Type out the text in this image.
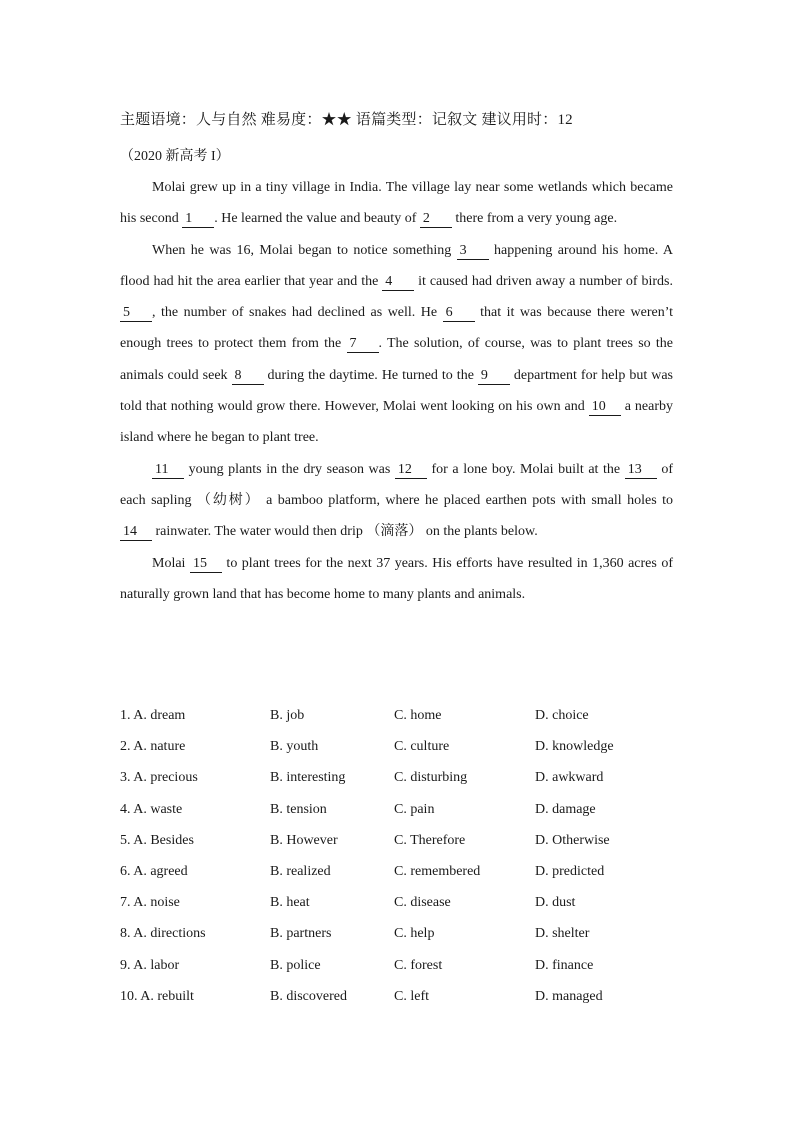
主题语境：人与自然 难易度：★★ 语篇类型：记叙文 建议用时：12
（2020 新高考 I）

Molai grew up in a tiny village in India. The village lay near some wetlands which became his second 1 . He learned the value and beauty of 2 there from a very young age.

When he was 16, Molai began to notice something 3 happening around his home. A flood had hit the area earlier that year and the 4 it caused had driven away a number of birds. 5 , the number of snakes had declined as well. He 6 that it was because there weren’t enough trees to protect them from the 7 . The solution, of course, was to plant trees so the animals could seek 8 during the daytime. He turned to the 9 department for help but was told that nothing would grow there. However, Molai went looking on his own and 10 a nearby island where he began to plant tree.

11 young plants in the dry season was 12 for a lone boy. Molai built at the 13 of each sapling （幼树） a bamboo platform, where he placed earthen pots with small holes to 14 rainwater. The water would then drip （滴落） on the plants below.

Molai 15 to plant trees for the next 37 years. His efforts have resulted in 1,360 acres of naturally grown land that has become home to many plants and animals.

1. A. dream	B. job	C. home	D. choice
2. A. nature	B. youth	C. culture	D. knowledge
3. A. precious	B. interesting	C. disturbing	D. awkward
4. A. waste	B. tension	C. pain	D. damage
5. A. Besides	B. However	C. Therefore	D. Otherwise
6. A. agreed	B. realized	C. remembered	D. predicted
7. A. noise	B. heat	C. disease	D. dust
8. A. directions	B. partners	C. help	D. shelter
9. A. labor	B. police	C. forest	D. finance
10. A. rebuilt	B. discovered	C. left	D. managed
